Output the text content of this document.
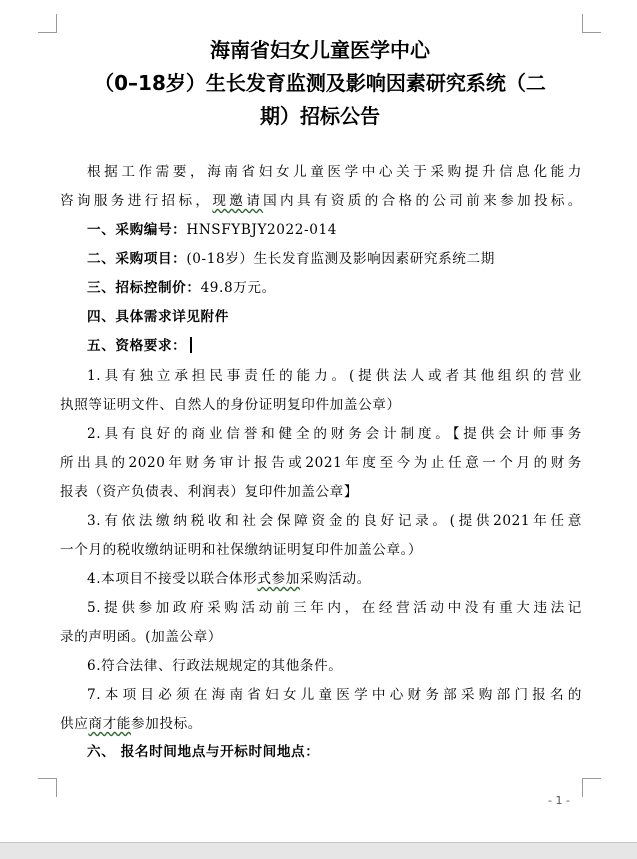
海南省妇女儿童医学中心
（0–18岁）生长发育监测及影响因素研究系统（二
期）招标公告
根据工作需要，海南省妇女儿童医学中心关于采购提升信息化能力
咨询服务进行招标，现邀请国内具有资质的合格的公司前来参加投标。
一、采购编号：HNSFYBJY2022-014
二、采购项目：(0-18岁）生长发育监测及影响因素研究系统二期
三、招标控制价：49.8万元。
四、具体需求详见附件
五、资格要求：
1.具有独立承担民事责任的能力。(提供法人或者其他组织的营业
执照等证明文件、自然人的身份证明复印件加盖公章）
2.具有良好的商业信誉和健全的财务会计制度。【提供会计师事务
所出具的2020年财务审计报告或2021年度至今为止任意一个月的财务
报表（资产负债表、利润表）复印件加盖公章】
3.有依法缴纳税收和社会保障资金的良好记录。(提供2021年任意
一个月的税收缴纳证明和社保缴纳证明复印件加盖公章。）
4.本项目不接受以联合体形式参加采购活动。
5.提供参加政府采购活动前三年内，在经营活动中没有重大违法记
录的声明函。(加盖公章）
6.符合法律、行政法规规定的其他条件。
7.本项目必须在海南省妇女儿童医学中心财务部采购部门报名的
供应商才能参加投标。
六、 报名时间地点与开标时间地点：
- 1 -
